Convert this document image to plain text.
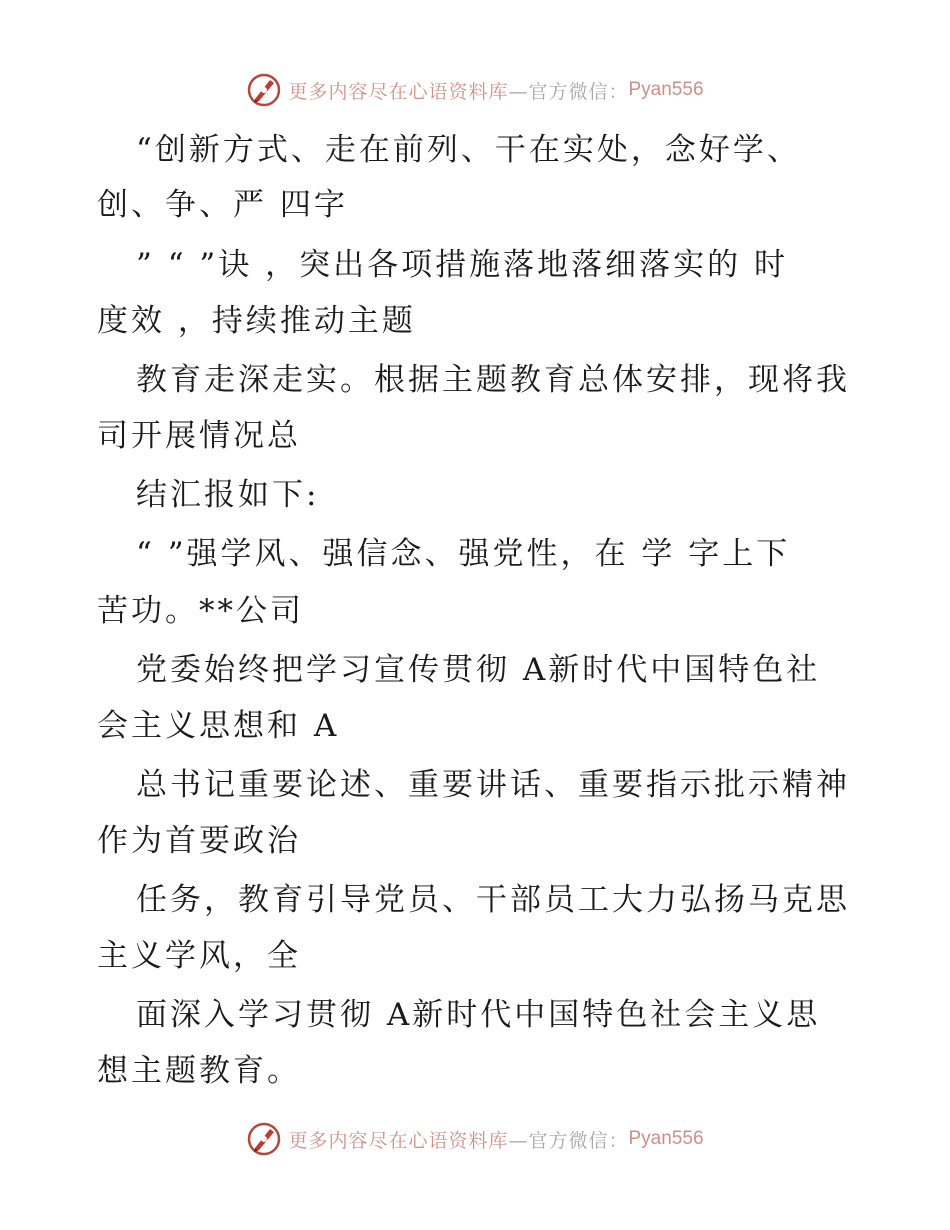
更多内容尽在心语资料库 —官方微信： Pyan556
“创新方式、走在前列、干在实处，念好学、
创、争、严 四字
” “ ”诀 ，突出各项措施落地落细落实的 时
度效 ，持续推动主题
教育走深走实。根据主题教育总体安排，现将我
司开展情况总
结汇报如下:
“ ”强学风、强信念、强党性，在 学 字上下
苦功。**公司
党委始终把学习宣传贯彻 A新时代中国特色社
会主义思想和 A
总书记重要论述、重要讲话、重要指示批示精神
作为首要政治
任务，教育引导党员、干部员工大力弘扬马克思
主义学风，全
面深入学习贯彻 A新时代中国特色社会主义思
想主题教育。
更多内容尽在心语资料库 —官方微信： Pyan556
